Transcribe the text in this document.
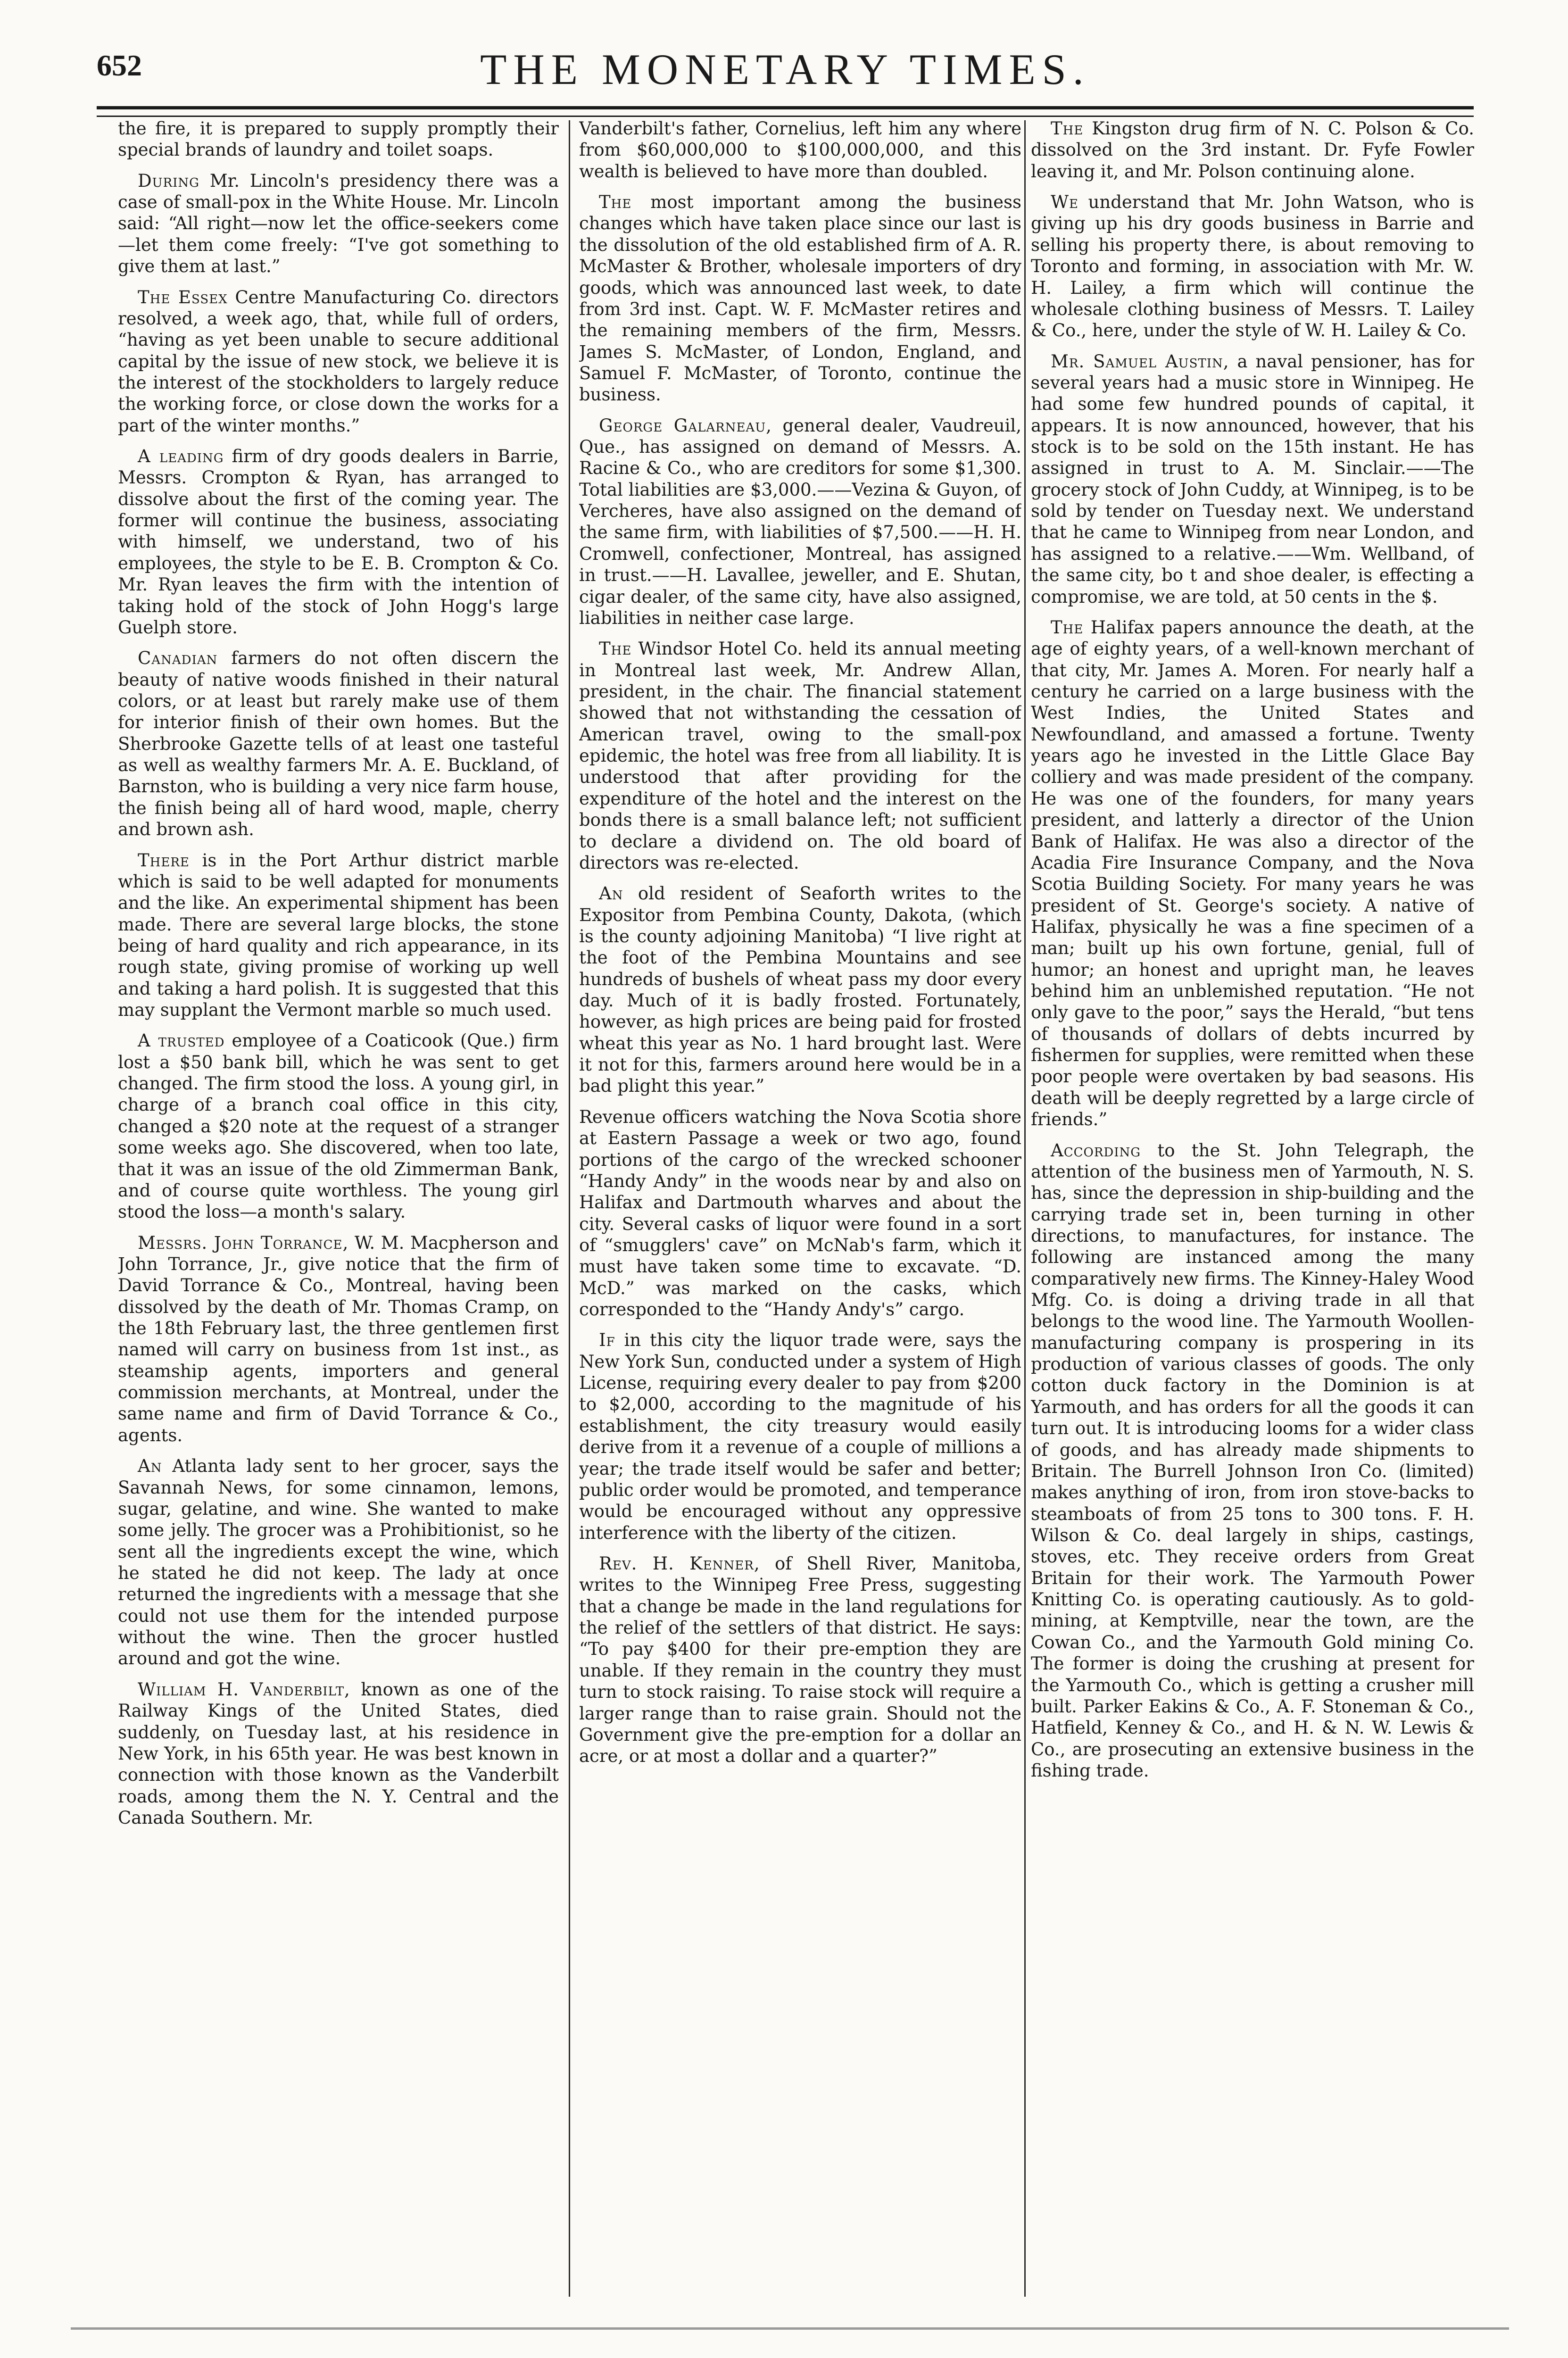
652	THE MONETARY TIMES.

the fire, it is prepared to supply promptly their special brands of laundry and toilet soaps.

During Mr. Lincoln's presidency there was a case of small-pox in the White House. Mr. Lincoln said: “All right—now let the office-seekers come—let them come freely: “I've got something to give them at last.”

The Essex Centre Manufacturing Co. directors resolved, a week ago, that, while full of orders, “having as yet been unable to secure additional capital by the issue of new stock, we believe it is the interest of the stockholders to largely reduce the working force, or close down the works for a part of the winter months.”

A leading firm of dry goods dealers in Barrie, Messrs. Crompton & Ryan, has arranged to dissolve about the first of the coming year. The former will continue the business, associating with himself, we understand, two of his employees, the style to be E. B. Crompton & Co. Mr. Ryan leaves the firm with the intention of taking hold of the stock of John Hogg's large Guelph store.

Canadian farmers do not often discern the beauty of native woods finished in their natural colors, or at least but rarely make use of them for interior finish of their own homes. But the Sherbrooke Gazette tells of at least one tasteful as well as wealthy farmers Mr. A. E. Buckland, of Barnston, who is building a very nice farm house, the finish being all of hard wood, maple, cherry and brown ash.

There is in the Port Arthur district marble which is said to be well adapted for monuments and the like. An experimental shipment has been made. There are several large blocks, the stone being of hard quality and rich appearance, in its rough state, giving promise of working up well and taking a hard polish. It is suggested that this may supplant the Vermont marble so much used.

A trusted employee of a Coaticook (Que.) firm lost a $50 bank bill, which he was sent to get changed. The firm stood the loss. A young girl, in charge of a branch coal office in this city, changed a $20 note at the request of a stranger some weeks ago. She discovered, when too late, that it was an issue of the old Zimmerman Bank, and of course quite worthless. The young girl stood the loss—a month's salary.

Messrs. John Torrance, W. M. Macpherson and John Torrance, Jr., give notice that the firm of David Torrance & Co., Montreal, having been dissolved by the death of Mr. Thomas Cramp, on the 18th February last, the three gentlemen first named will carry on business from 1st inst., as steamship agents, importers and general commission merchants, at Montreal, under the same name and firm of David Torrance & Co., agents.

An Atlanta lady sent to her grocer, says the Savannah News, for some cinnamon, lemons, sugar, gelatine, and wine. She wanted to make some jelly. The grocer was a Prohibitionist, so he sent all the ingredients except the wine, which he stated he did not keep. The lady at once returned the ingredients with a message that she could not use them for the intended purpose without the wine. Then the grocer hustled around and got the wine.

William H. Vanderbilt, known as one of the Railway Kings of the United States, died suddenly, on Tuesday last, at his residence in New York, in his 65th year. He was best known in connection with those known as the Vanderbilt roads, among them the N. Y. Central and the Canada Southern. Mr.

Vanderbilt's father, Cornelius, left him any where from $60,000,000 to $100,000,000, and this wealth is believed to have more than doubled.

The most important among the business changes which have taken place since our last is the dissolution of the old established firm of A. R. McMaster & Brother, wholesale importers of dry goods, which was announced last week, to date from 3rd inst. Capt. W. F. McMaster retires and the remaining members of the firm, Messrs. James S. McMaster, of London, England, and Samuel F. McMaster, of Toronto, continue the business.

George Galarneau, general dealer, Vaudreuil, Que., has assigned on demand of Messrs. A. Racine & Co., who are creditors for some $1,300. Total liabilities are $3,000.——Vezina & Guyon, of Vercheres, have also assigned on the demand of the same firm, with liabilities of $7,500.——H. H. Cromwell, confectioner, Montreal, has assigned in trust.——H. Lavallee, jeweller, and E. Shutan, cigar dealer, of the same city, have also assigned, liabilities in neither case large.

The Windsor Hotel Co. held its annual meeting in Montreal last week, Mr. Andrew Allan, president, in the chair. The financial statement showed that not withstanding the cessation of American travel, owing to the small-pox epidemic, the hotel was free from all liability. It is understood that after providing for the expenditure of the hotel and the interest on the bonds there is a small balance left; not sufficient to declare a dividend on. The old board of directors was re-elected.

An old resident of Seaforth writes to the Expositor from Pembina County, Dakota, (which is the county adjoining Manitoba) “I live right at the foot of the Pembina Mountains and see hundreds of bushels of wheat pass my door every day. Much of it is badly frosted. Fortunately, however, as high prices are being paid for frosted wheat this year as No. 1 hard brought last. Were it not for this, farmers around here would be in a bad plight this year.”

Revenue officers watching the Nova Scotia shore at Eastern Passage a week or two ago, found portions of the cargo of the wrecked schooner “Handy Andy” in the woods near by and also on Halifax and Dartmouth wharves and about the city. Several casks of liquor were found in a sort of “smugglers' cave” on McNab's farm, which it must have taken some time to excavate. “D. McD.” was marked on the casks, which corresponded to the “Handy Andy's” cargo.

If in this city the liquor trade were, says the New York Sun, conducted under a system of High License, requiring every dealer to pay from $200 to $2,000, according to the magnitude of his establishment, the city treasury would easily derive from it a revenue of a couple of millions a year; the trade itself would be safer and better; public order would be promoted, and temperance would be encouraged without any oppressive interference with the liberty of the citizen.

Rev. H. Kenner, of Shell River, Manitoba, writes to the Winnipeg Free Press, suggesting that a change be made in the land regulations for the relief of the settlers of that district. He says: “To pay $400 for their pre-emption they are unable. If they remain in the country they must turn to stock raising. To raise stock will require a larger range than to raise grain. Should not the Government give the pre-emption for a dollar an acre, or at most a dollar and a quarter?”

The Kingston drug firm of N. C. Polson & Co. dissolved on the 3rd instant. Dr. Fyfe Fowler leaving it, and Mr. Polson continuing alone.

We understand that Mr. John Watson, who is giving up his dry goods business in Barrie and selling his property there, is about removing to Toronto and forming, in association with Mr. W. H. Lailey, a firm which will continue the wholesale clothing business of Messrs. T. Lailey & Co., here, under the style of W. H. Lailey & Co.

Mr. Samuel Austin, a naval pensioner, has for several years had a music store in Winnipeg. He had some few hundred pounds of capital, it appears. It is now announced, however, that his stock is to be sold on the 15th instant. He has assigned in trust to A. M. Sinclair.——The grocery stock of John Cuddy, at Winnipeg, is to be sold by tender on Tuesday next. We understand that he came to Winnipeg from near London, and has assigned to a relative.——Wm. Wellband, of the same city, bo t and shoe dealer, is effecting a compromise, we are told, at 50 cents in the $.

The Halifax papers announce the death, at the age of eighty years, of a well-known merchant of that city, Mr. James A. Moren. For nearly half a century he carried on a large business with the West Indies, the United States and Newfoundland, and amassed a fortune. Twenty years ago he invested in the Little Glace Bay colliery and was made president of the company. He was one of the founders, for many years president, and latterly a director of the Union Bank of Halifax. He was also a director of the Acadia Fire Insurance Company, and the Nova Scotia Building Society. For many years he was president of St. George's society. A native of Halifax, physically he was a fine specimen of a man; built up his own fortune, genial, full of humor; an honest and upright man, he leaves behind him an unblemished reputation. “He not only gave to the poor,” says the Herald, “but tens of thousands of dollars of debts incurred by fishermen for supplies, were remitted when these poor people were overtaken by bad seasons. His death will be deeply regretted by a large circle of friends.”

According to the St. John Telegraph, the attention of the business men of Yarmouth, N. S. has, since the depression in ship-building and the carrying trade set in, been turning in other directions, to manufactures, for instance. The following are instanced among the many comparatively new firms. The Kinney-Haley Wood Mfg. Co. is doing a driving trade in all that belongs to the wood line. The Yarmouth Woollen-manufacturing company is prospering in its production of various classes of goods. The only cotton duck factory in the Dominion is at Yarmouth, and has orders for all the goods it can turn out. It is introducing looms for a wider class of goods, and has already made shipments to Britain. The Burrell Johnson Iron Co. (limited) makes anything of iron, from iron stove-backs to steamboats of from 25 tons to 300 tons. F. H. Wilson & Co. deal largely in ships, castings, stoves, etc. They receive orders from Great Britain for their work. The Yarmouth Power Knitting Co. is operating cautiously. As to gold-mining, at Kemptville, near the town, are the Cowan Co., and the Yarmouth Gold mining Co. The former is doing the crushing at present for the Yarmouth Co., which is getting a crusher mill built. Parker Eakins & Co., A. F. Stoneman & Co., Hatfield, Kenney & Co., and H. & N. W. Lewis & Co., are prosecuting an extensive business in the fishing trade.
